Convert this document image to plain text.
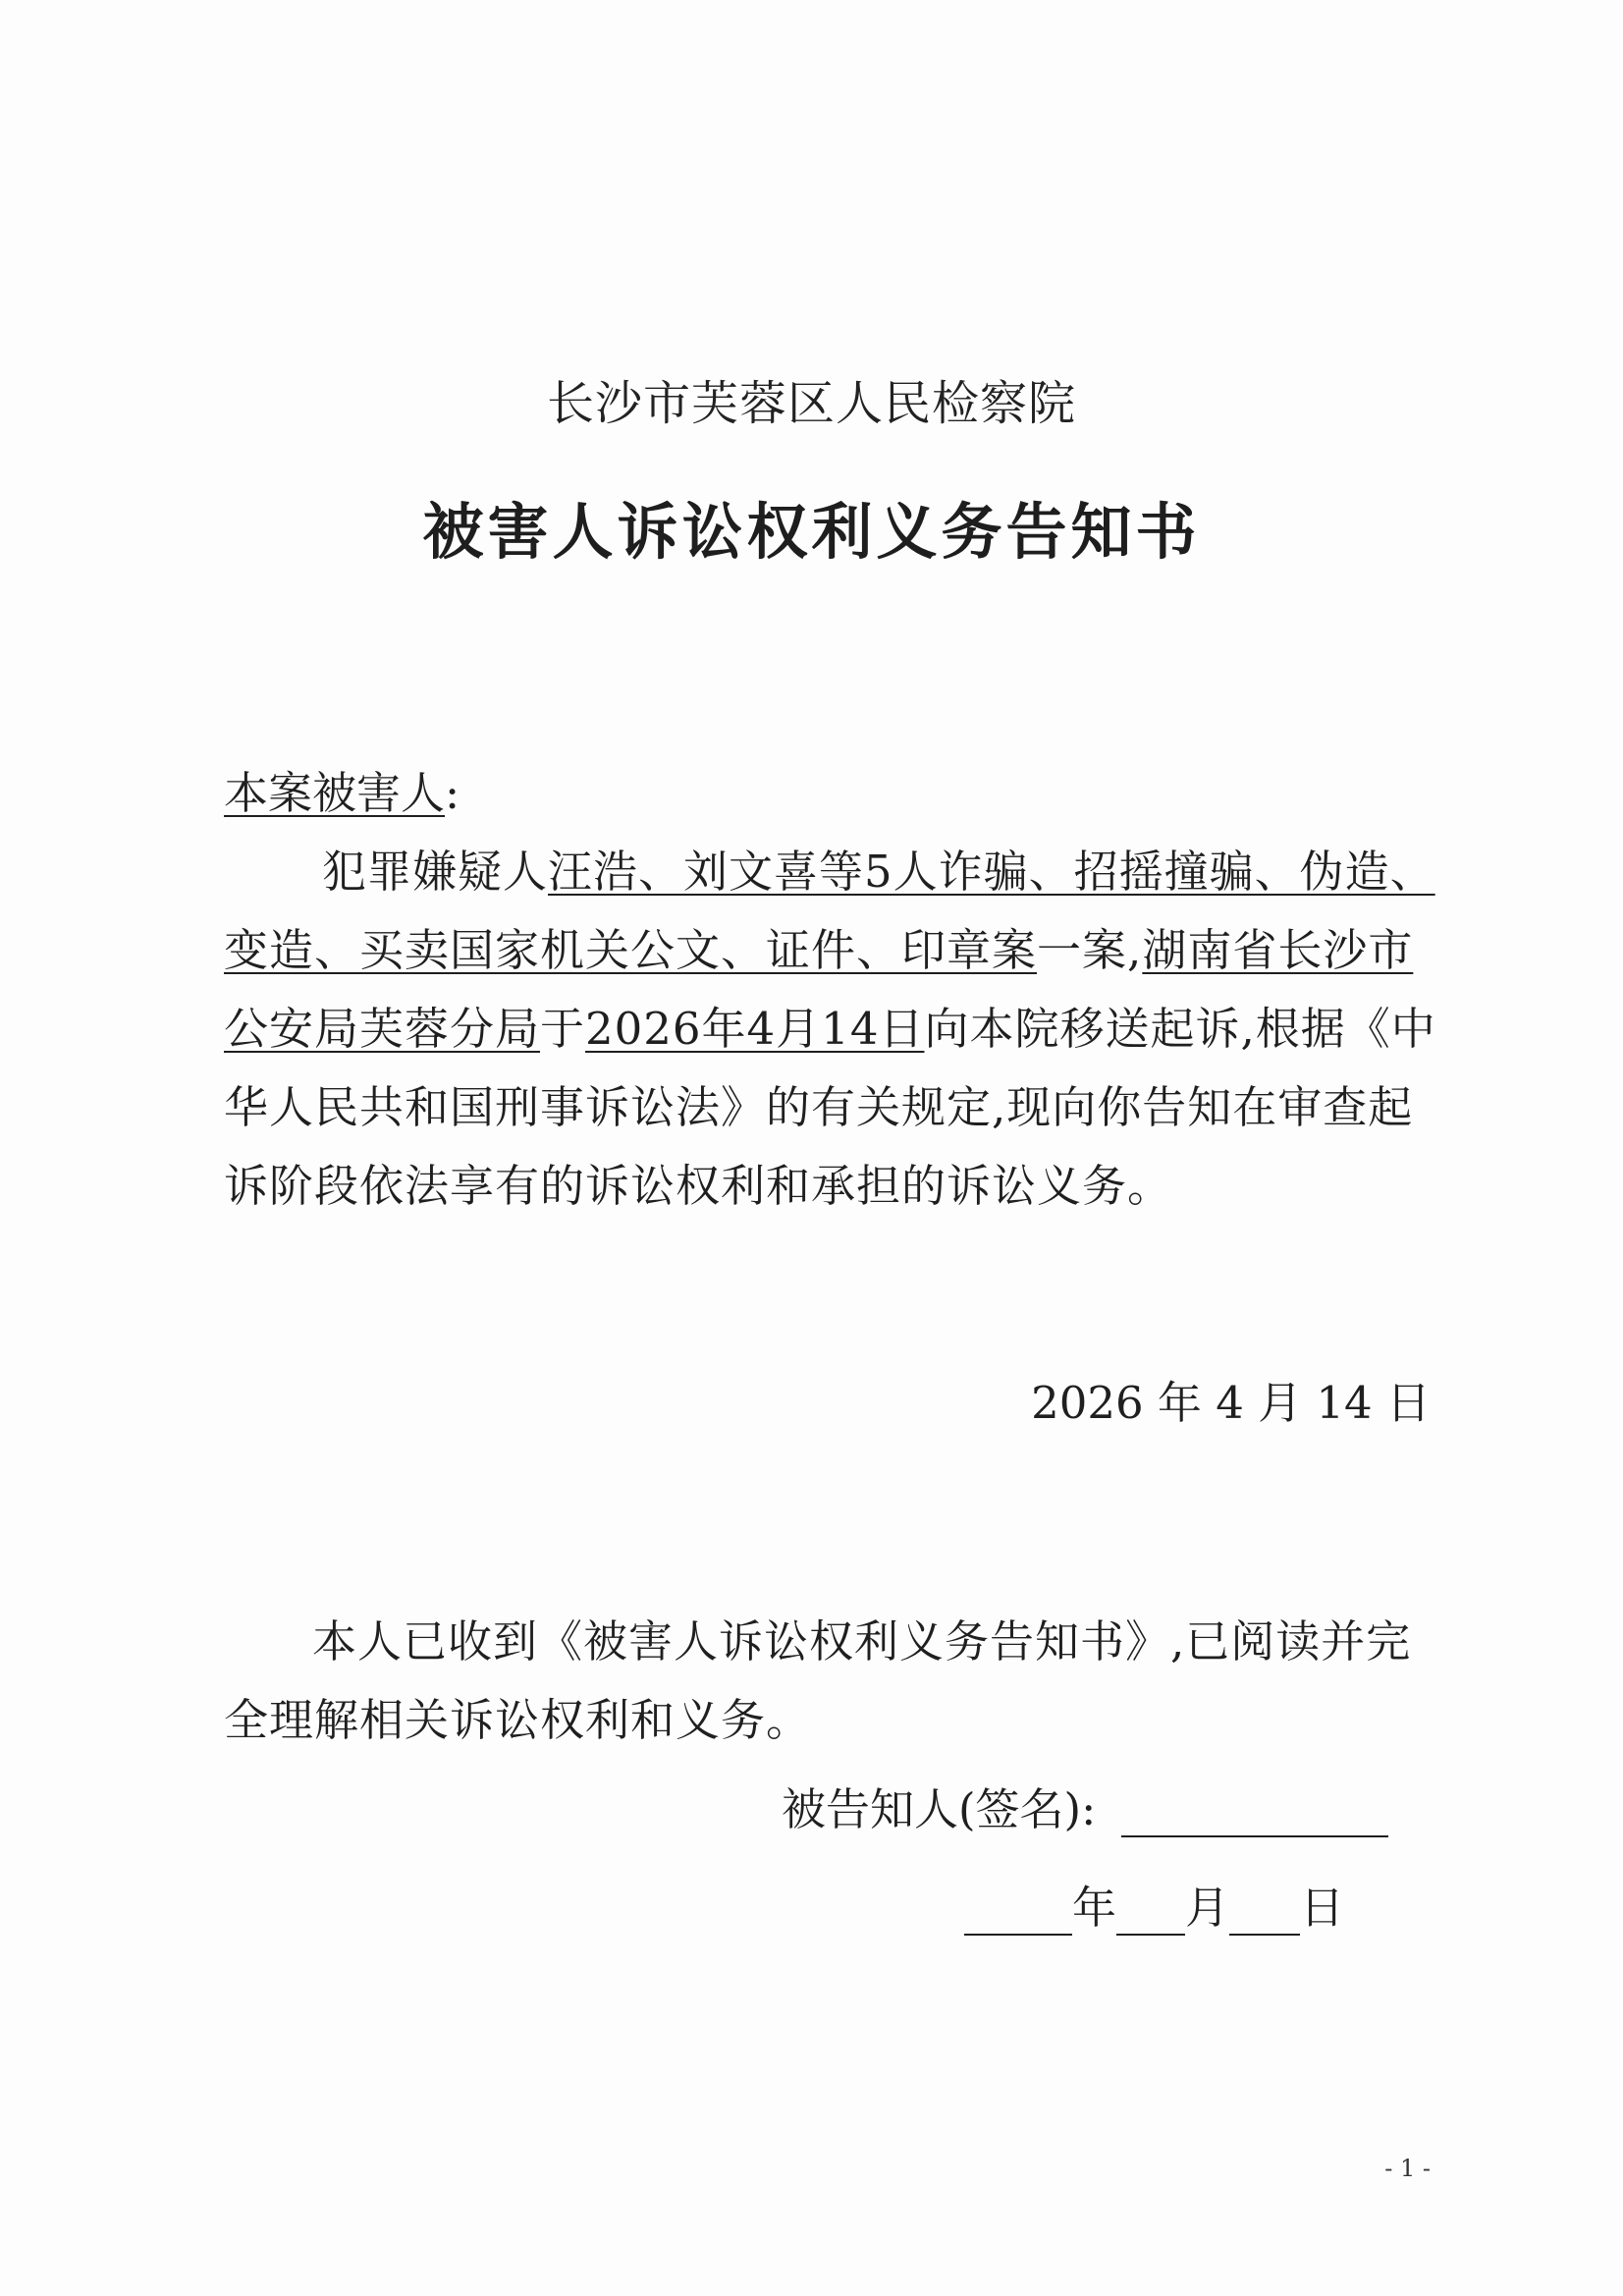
长沙市芙蓉区人民检察院
被害人诉讼权利义务告知书
本案被害人:
犯罪嫌疑人汪浩、刘文喜等5人诈骗、招摇撞骗、伪造、变造、买卖国家机关公文、证件、印章案一案,湖南省长沙市公安局芙蓉分局于2026年4月14日向本院移送起诉,根据《中华人民共和国刑事诉讼法》的有关规定,现向你告知在审查起诉阶段依法享有的诉讼权利和承担的诉讼义务。
2026 年 4 月 14 日
本人已收到《被害人诉讼权利义务告知书》,已阅读并完全理解相关诉讼权利和义务。
被告知人(签名):
年 月 日
- 1 -
